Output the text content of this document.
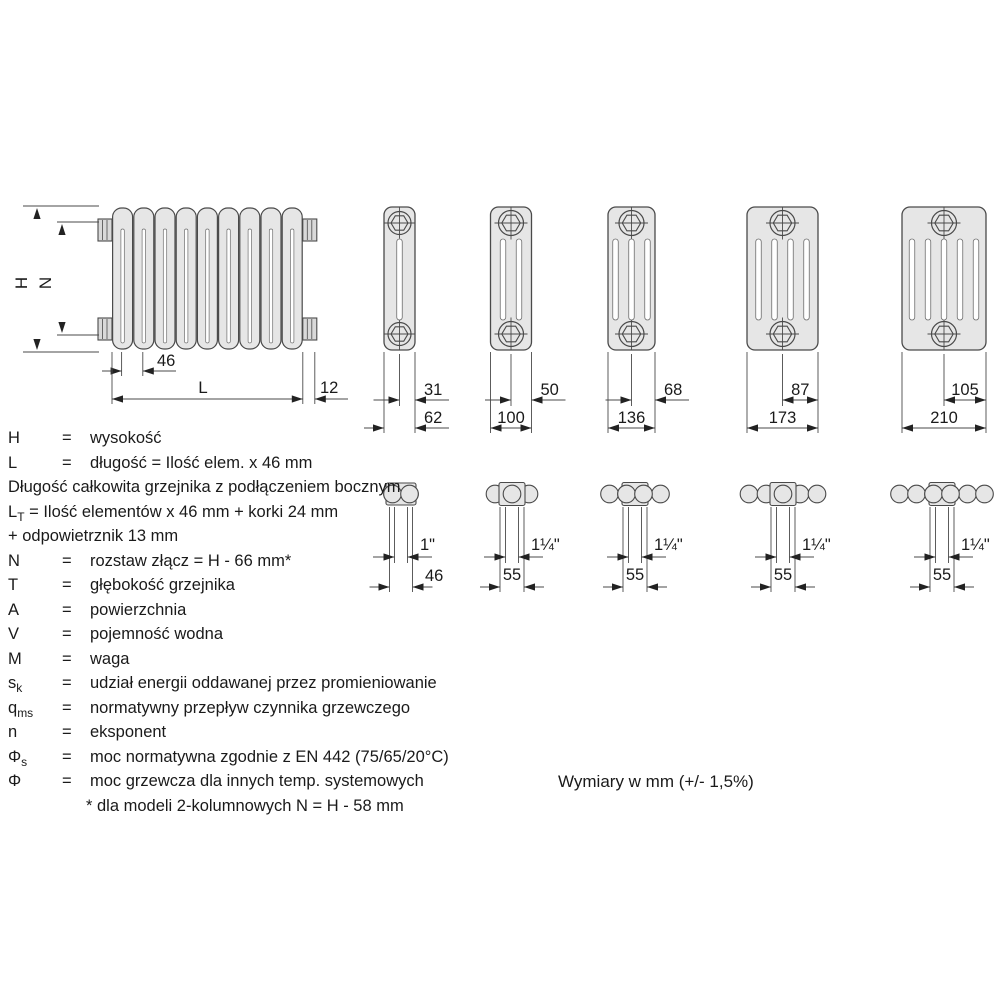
H N
46
L	12	31
62
50
100
68
136
87
173
105
210
1"
46
1¼"
55
1¼"
55
1¼"
55
1¼"
55
H	= wysokość
L	= długość = Ilość elem. x 46 mm
Długość całkowita grzejnika z podłączeniem bocznym
$L_T$ = Ilość elementów x 46 mm + korki 24 mm
+ odpowietrznik 13 mm
N	= rozstaw złącz = H - 66 mm*
T	= głębokość grzejnika
A	= powierzchnia
V	= pojemność wodna
M = waga
$s_k$ = udział energii oddawanej przez promieniowanie
$q_{ms}$ = normatywny przepływ czynnika grzewczego
n	= eksponent
$\Phi_s$ = moc normatywna zgodnie z EN 442 (75/65/20°C)
Φ = moc grzewcza dla innych temp. systemowych
* dla modeli 2-kolumnowych N = H - 58 mm
Wymiary w mm (+/- 1,5%)
